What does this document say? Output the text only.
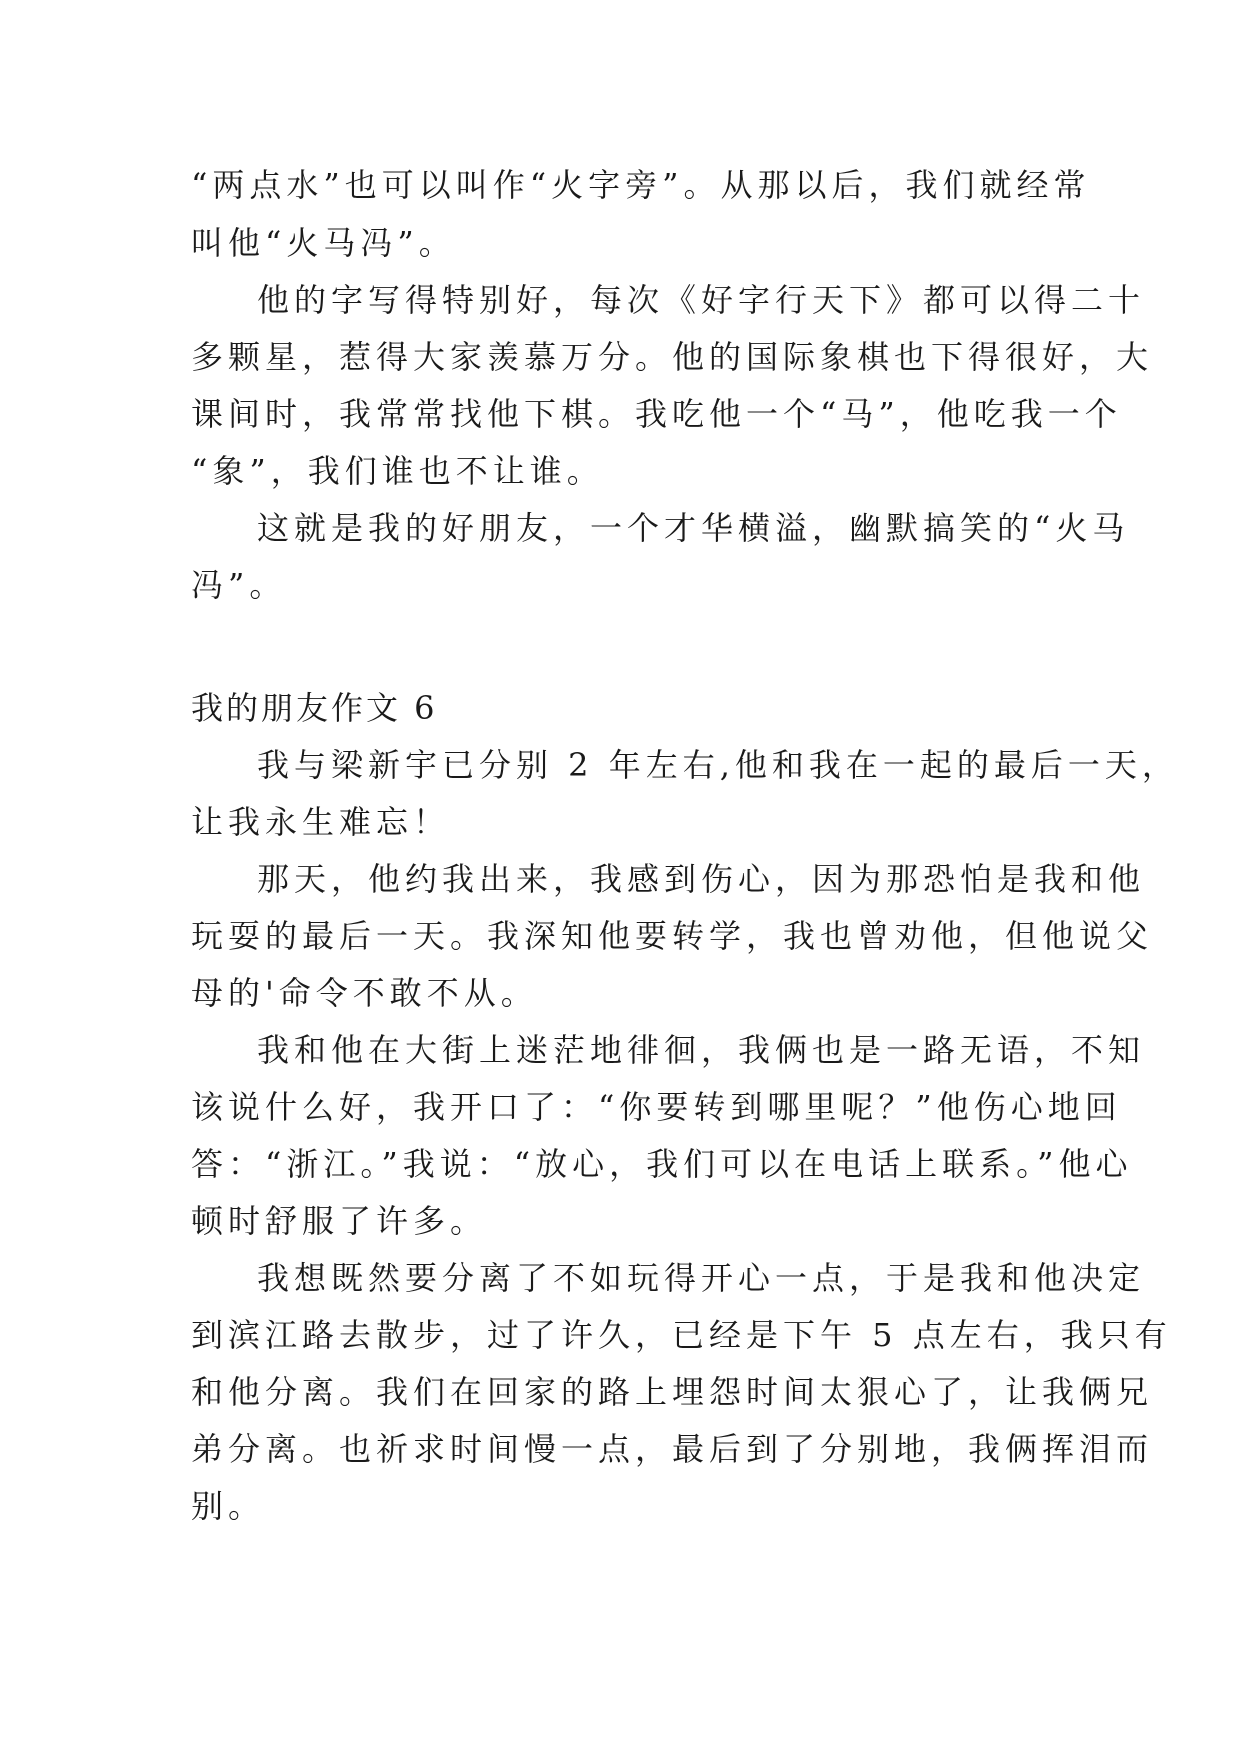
“两点水”也可以叫作“火字旁”。从那以后，我们就经常
叫他“火马冯”。
他的字写得特别好，每次《好字行天下》都可以得二十
多颗星，惹得大家羡慕万分。他的国际象棋也下得很好，大
课间时，我常常找他下棋。我吃他一个“马”，他吃我一个
“象”，我们谁也不让谁。
这就是我的好朋友，一个才华横溢，幽默搞笑的“火马
冯”。
我的朋友作文 6
我与梁新宇已分别 2 年左右,他和我在一起的最后一天，
让我永生难忘！
那天，他约我出来，我感到伤心，因为那恐怕是我和他
玩耍的最后一天。我深知他要转学，我也曾劝他，但他说父
母的'命令不敢不从。
我和他在大街上迷茫地徘徊，我俩也是一路无语，不知
该说什么好，我开口了：“你要转到哪里呢？”他伤心地回
答：“浙江。”我说：“放心，我们可以在电话上联系。”他心
顿时舒服了许多。
我想既然要分离了不如玩得开心一点，于是我和他决定
到滨江路去散步，过了许久，已经是下午 5 点左右，我只有
和他分离。我们在回家的路上埋怨时间太狠心了，让我俩兄
弟分离。也祈求时间慢一点，最后到了分别地，我俩挥泪而
别。
